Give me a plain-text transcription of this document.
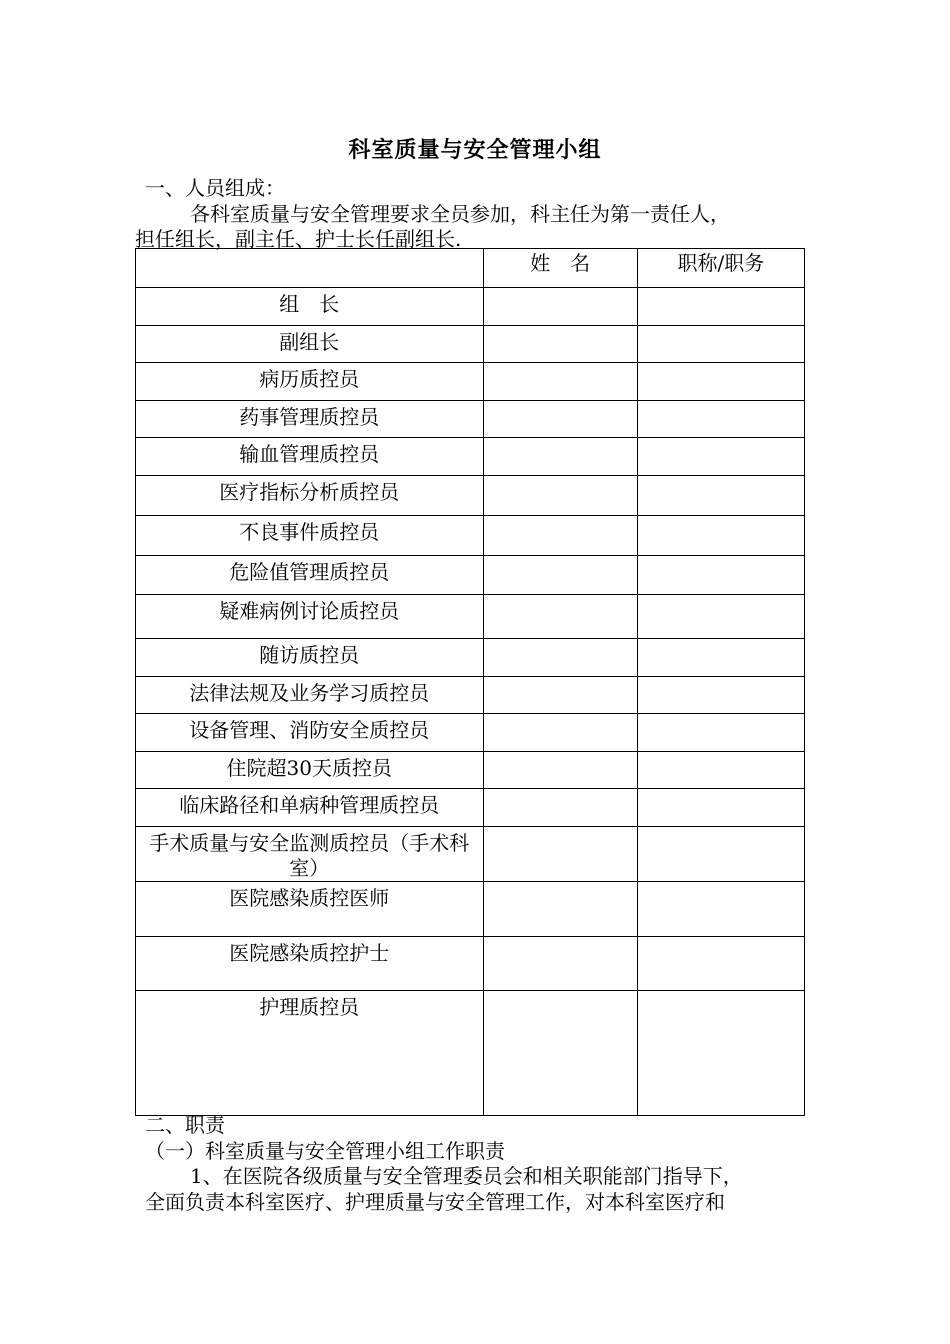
科室质量与安全管理小组
一、人员组成：
各科室质量与安全管理要求全员参加，科主任为第一责任人，
担任组长，副主任、护士长任副组长.
	姓　名	职称/职务
组　长		
副组长		
病历质控员		
药事管理质控员		
输血管理质控员		
医疗指标分析质控员		
不良事件质控员		
危险值管理质控员		
疑难病例讨论质控员		
随访质控员		
法律法规及业务学习质控员		
设备管理、消防安全质控员		
住院超30天质控员		
临床路径和单病种管理质控员		
手术质量与安全监测质控员（手术科室）		
医院感染质控医师		
医院感染质控护士		
护理质控员		
二、职责
（一）科室质量与安全管理小组工作职责
1、在医院各级质量与安全管理委员会和相关职能部门指导下，
全面负责本科室医疗、护理质量与安全管理工作，对本科室医疗和
